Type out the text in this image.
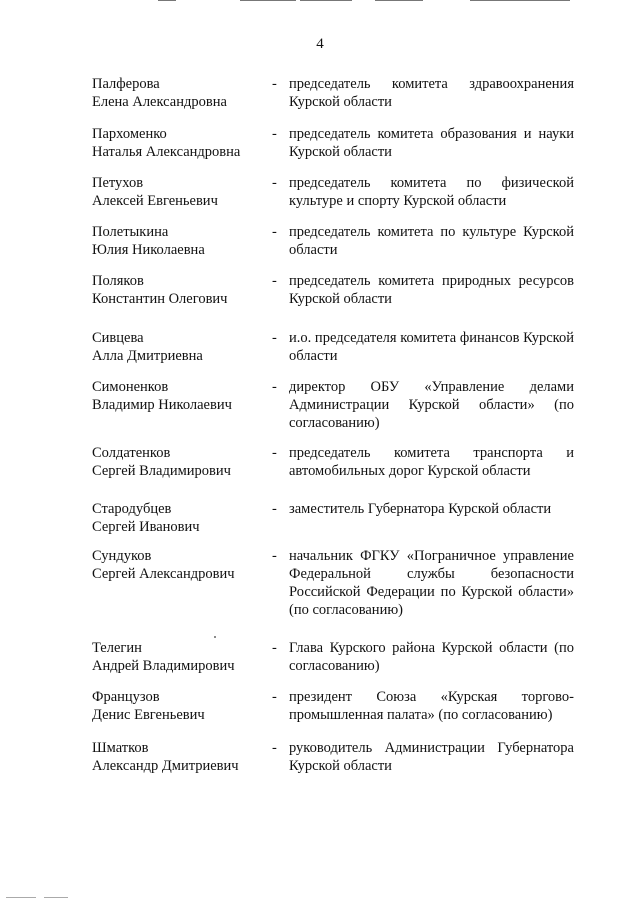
4
Палферова
Елена Александровна
- председатель комитета здравоохранения Курской области
Пархоменко
Наталья Александровна
- председатель комитета образования и науки Курской области
Петухов
Алексей Евгеньевич
- председатель комитета по физической культуре и спорту Курской области
Полетыкина
Юлия Николаевна
- председатель комитета по культуре Курской области
Поляков
Константин Олегович
- председатель комитета природных ресурсов Курской области
Сивцева
Алла Дмитриевна
- и.о. председателя комитета финансов Курской области
Симоненков
Владимир Николаевич
- директор ОБУ «Управление делами Администрации Курской области» (по согласованию)
Солдатенков
Сергей Владимирович
- председатель комитета транспорта и автомобильных дорог Курской области
Стародубцев
Сергей Иванович
- заместитель Губернатора Курской области
Сундуков
Сергей Александрович
- начальник ФГКУ «Пограничное управление Федеральной службы безопасности Российской Федерации по Курской области» (по согласованию)
Телегин
Андрей Владимирович
- Глава Курского района Курской области (по согласованию)
Французов
Денис Евгеньевич
- президент Союза «Курская торгово-промышленная палата» (по согласованию)
Шматков
Александр Дмитриевич
- руководитель Администрации Губернатора Курской области
